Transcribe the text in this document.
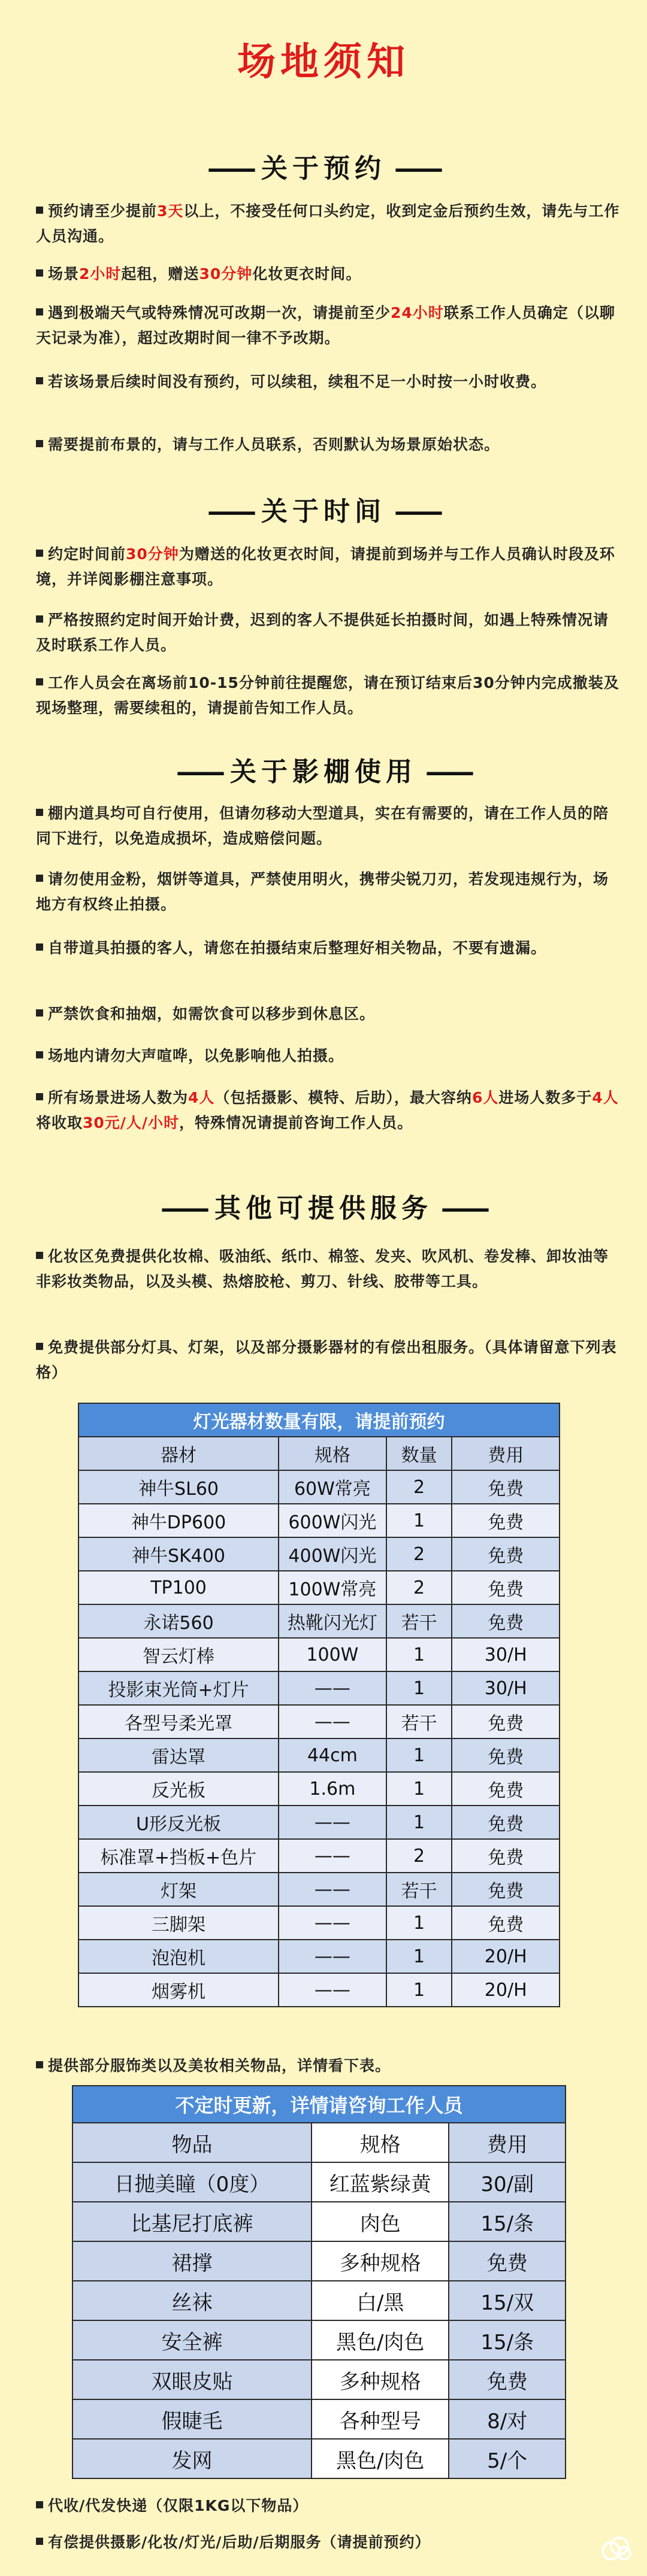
场地须知
—— 关于预约 ——
预约请至少提前3天以上，不接受任何口头约定，收到定金后预约生效，请先与工作人员沟通。
场景2小时起租，赠送30分钟化妆更衣时间。
遇到极端天气或特殊情况可改期一次，请提前至少24小时联系工作人员确定（以聊天记录为准），超过改期时间一律不予改期。
若该场景后续时间没有预约，可以续租，续租不足一小时按一小时收费。
需要提前布景的，请与工作人员联系，否则默认为场景原始状态。
—— 关于时间 ——
约定时间前30分钟为赠送的化妆更衣时间，请提前到场并与工作人员确认时段及环境，并详阅影棚注意事项。
严格按照约定时间开始计费，迟到的客人不提供延长拍摄时间，如遇上特殊情况请及时联系工作人员。
工作人员会在离场前10-15分钟前往提醒您，请在预订结束后30分钟内完成撤装及现场整理，需要续租的，请提前告知工作人员。
—— 关于影棚使用 ——
棚内道具均可自行使用，但请勿移动大型道具，实在有需要的，请在工作人员的陪同下进行，以免造成损坏，造成赔偿问题。
请勿使用金粉，烟饼等道具，严禁使用明火，携带尖锐刀刃，若发现违规行为，场地方有权终止拍摄。
自带道具拍摄的客人，请您在拍摄结束后整理好相关物品，不要有遗漏。
严禁饮食和抽烟，如需饮食可以移步到休息区。
场地内请勿大声喧哗，以免影响他人拍摄。
所有场景进场人数为4人（包括摄影、模特、后助），最大容纳6人进场人数多于4人将收取30元/人/小时，特殊情况请提前咨询工作人员。
—— 其他可提供服务 ——
化妆区免费提供化妆棉、吸油纸、纸巾、棉签、发夹、吹风机、卷发棒、卸妆油等非彩妆类物品，以及头模、热熔胶枪、剪刀、针线、胶带等工具。
免费提供部分灯具、灯架，以及部分摄影器材的有偿出租服务。（具体请留意下列表格）
灯光器材数量有限，请提前预约			
器材	规格	数量	费用
神牛SL60	60W常亮	2	免费
神牛DP600	600W闪光	1	免费
神牛SK400	400W闪光	2	免费
TP100	100W常亮	2	免费
永诺560	热靴闪光灯	若干	免费
智云灯棒	100W	1	30/H
投影束光筒+灯片	——	1	30/H
各型号柔光罩	——	若干	免费
雷达罩	44cm	1	免费
反光板	1.6m	1	免费
U形反光板	——	1	免费
标准罩+挡板+色片	——	2	免费
灯架	——	若干	免费
三脚架	——	1	免费
泡泡机	——	1	20/H
烟雾机	——	1	20/H
提供部分服饰类以及美妆相关物品，详情看下表。
不定时更新，详情请咨询工作人员		
物品	规格	费用
日抛美瞳（0度）	红蓝紫绿黄	30/副
比基尼打底裤	肉色	15/条
裙撑	多种规格	免费
丝袜	白/黑	15/双
安全裤	黑色/肉色	15/条
双眼皮贴	多种规格	免费
假睫毛	各种型号	8/对
发网	黑色/肉色	5/个
代收/代发快递（仅限1KG以下物品）
有偿提供摄影/化妆/灯光/后助/后期服务（请提前预约）
